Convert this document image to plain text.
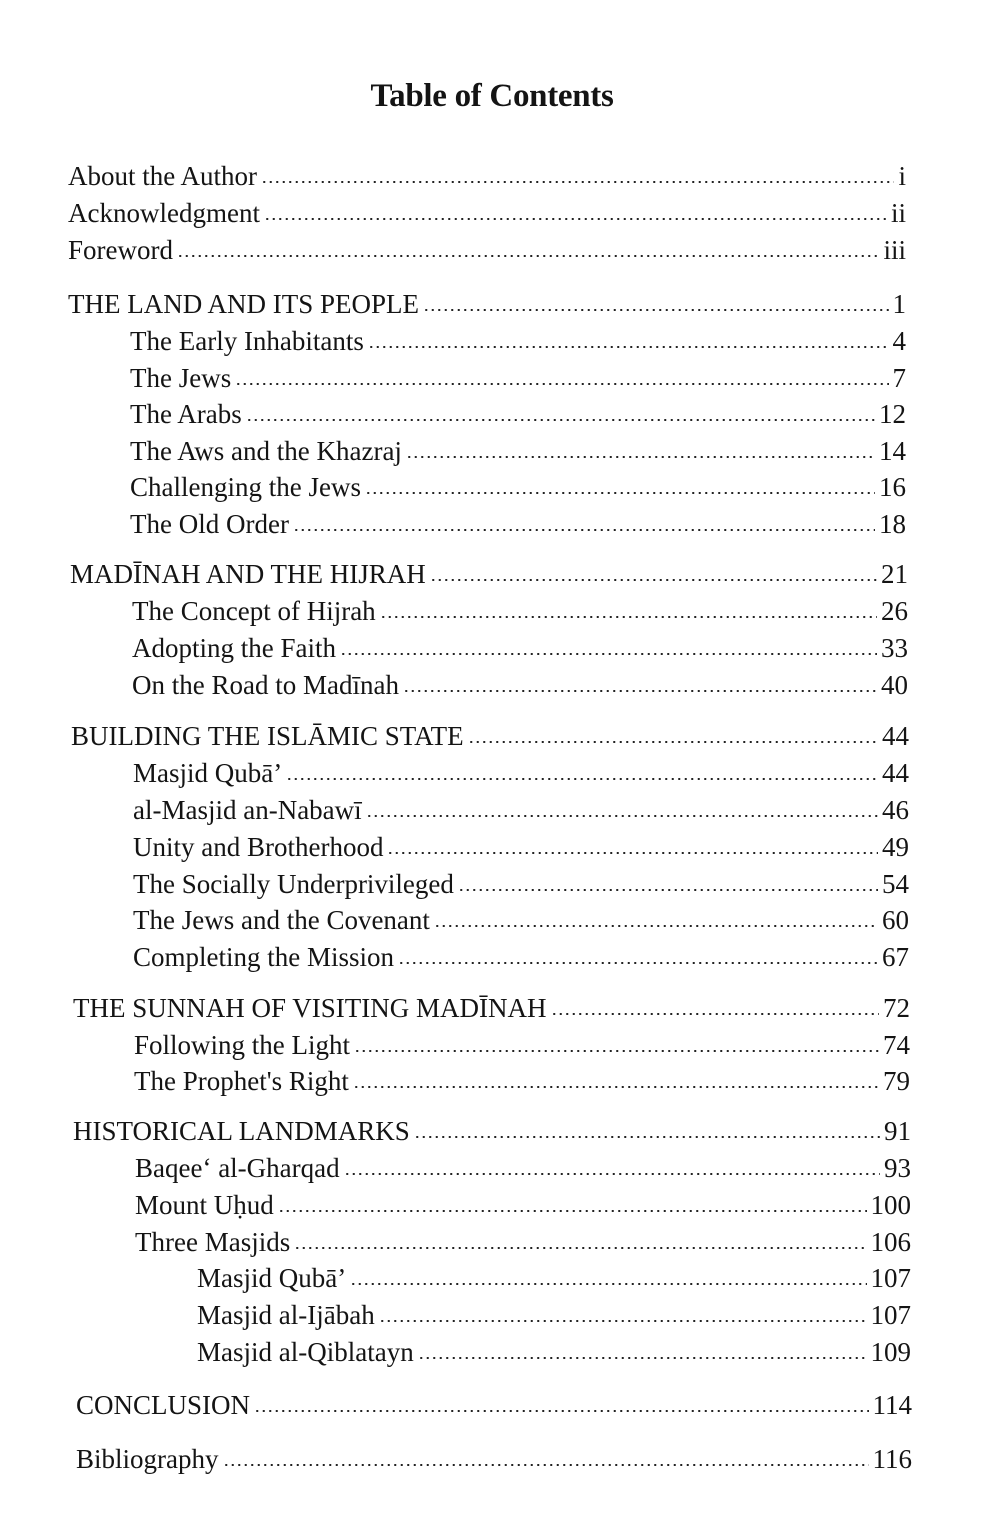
Table of Contents
About the Author	i
Acknowledgment	ii
Foreword	iii
THE LAND AND ITS PEOPLE	1
The Early Inhabitants	4
The Jews	7
The Arabs	12
The Aws and the Khazraj	14
Challenging the Jews	16
The Old Order	18
MADĪNAH AND THE HIJRAH	21
The Concept of Hijrah	26
Adopting the Faith	33
On the Road to Madīnah	40
BUILDING THE ISLĀMIC STATE	44
Masjid Qubā’	44
al-Masjid an-Nabawī	46
Unity and Brotherhood	49
The Socially Underprivileged	54
The Jews and the Covenant	60
Completing the Mission	67
THE SUNNAH OF VISITING MADĪNAH	72
Following the Light	74
The Prophet's Right	79
HISTORICAL LANDMARKS	91
Baqee‘ al-Gharqad	93
Mount Uḥud	100
Three Masjids	106
Masjid Qubā’	107
Masjid al-Ijābah	107
Masjid al-Qiblatayn	109
CONCLUSION	114
Bibliography	116
